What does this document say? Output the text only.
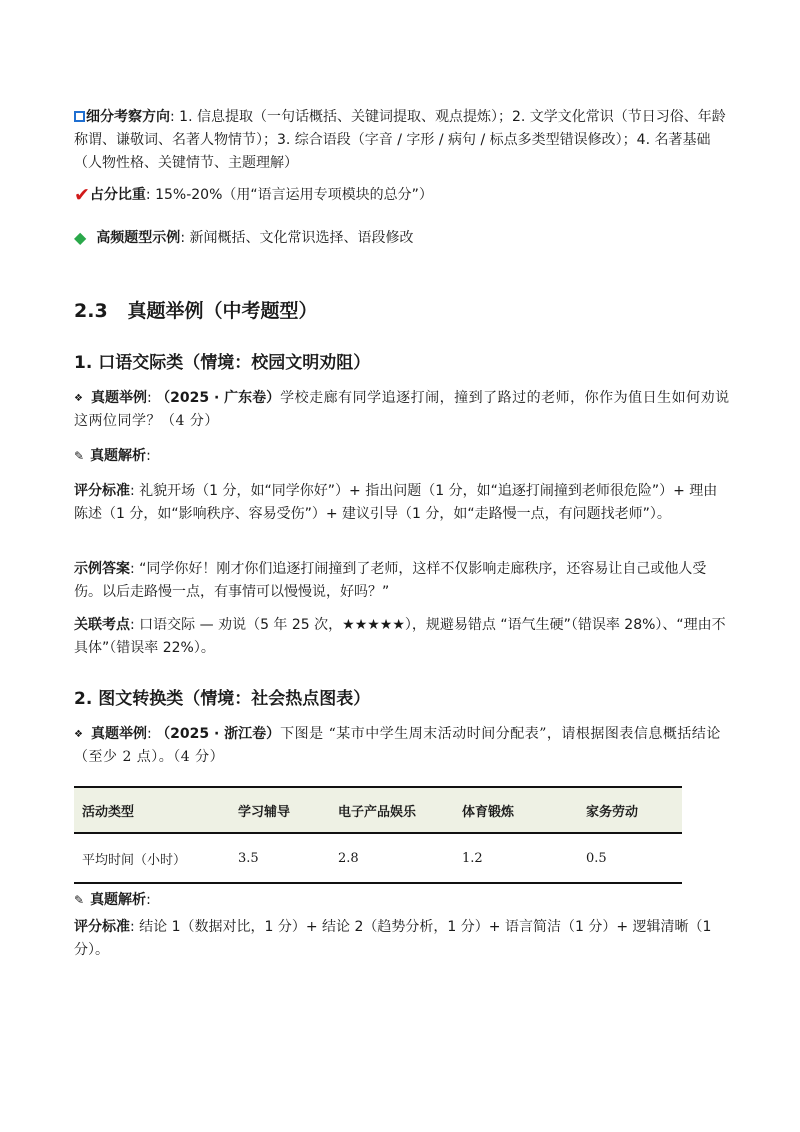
细分考察方向: 1. 信息提取（一句话概括、关键词提取、观点提炼）；2. 文学文化常识（节日习俗、年龄称谓、谦敬词、名著人物情节）；3. 综合语段（字音 / 字形 / 病句 / 标点多类型错误修改）；4. 名著基础（人物性格、关键情节、主题理解）
✔占分比重: 15%-20%（用“语言运用专项模块的总分”）
◆ 高频题型示例: 新闻概括、文化常识选择、语段修改
2.3 真题举例（中考题型）
1. 口语交际类（情境：校园文明劝阻）
❖ 真题举例: （2025 · 广东卷）学校走廊有同学追逐打闹，撞到了路过的老师，你作为值日生如何劝说这两位同学？（4 分）
✎ 真题解析:
评分标准: 礼貌开场（1 分，如“同学你好”）+ 指出问题（1 分，如“追逐打闹撞到老师很危险”）+ 理由陈述（1 分，如“影响秩序、容易受伤”）+ 建议引导（1 分，如“走路慢一点，有问题找老师”）。
示例答案: “同学你好！刚才你们追逐打闹撞到了老师，这样不仅影响走廊秩序，还容易让自己或他人受伤。以后走路慢一点，有事情可以慢慢说，好吗？”
关联考点: 口语交际 — 劝说（5 年 25 次，★★★★★），规避易错点 “语气生硬”（错误率 28%）、“理由不具体”（错误率 22%）。
2. 图文转换类（情境：社会热点图表）
❖ 真题举例: （2025 · 浙江卷）下图是 “某市中学生周末活动时间分配表”，请根据图表信息概括结论（至少 2 点）。（4 分）
活动类型	学习辅导	电子产品娱乐	体育锻炼	家务劳动
平均时间（小时）	3.5	2.8	1.2	0.5
✎ 真题解析:
评分标准: 结论 1（数据对比，1 分）+ 结论 2（趋势分析，1 分）+ 语言简洁（1 分）+ 逻辑清晰（1 分）。
